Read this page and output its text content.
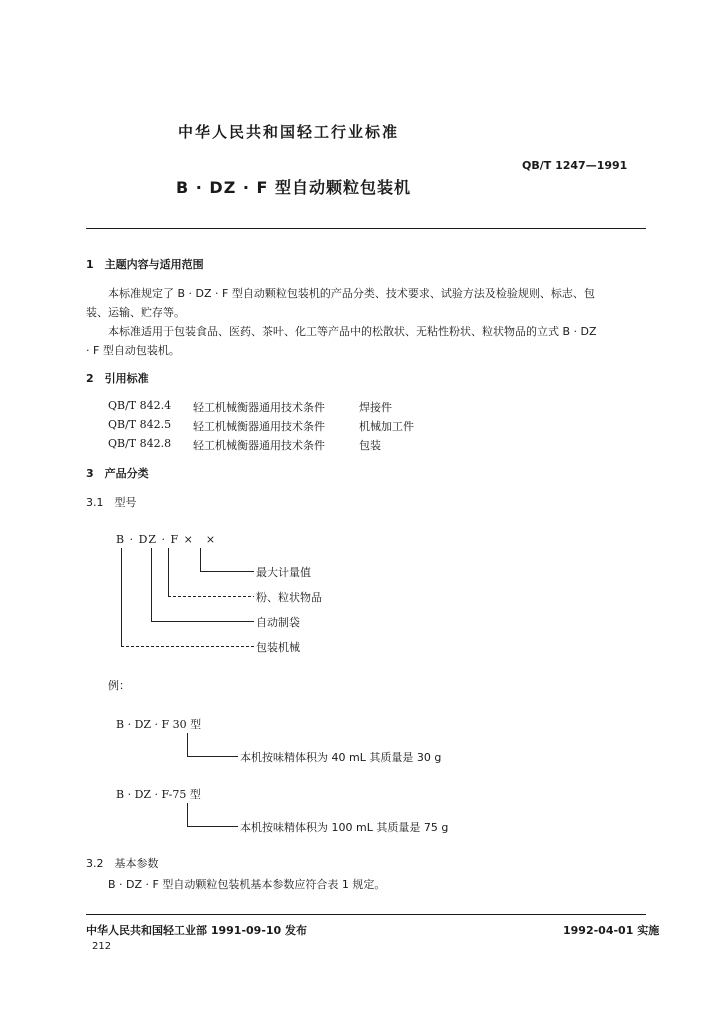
中华人民共和国轻工行业标准
QB/T 1247—1991
B · DZ · F 型自动颗粒包装机
1　主题内容与适用范围
本标准规定了 B · DZ · F 型自动颗粒包装机的产品分类、技术要求、试验方法及检验规则、标志、包
装、运输、贮存等。
本标准适用于包装食品、医药、茶叶、化工等产品中的松散状、无粘性粉状、粒状物品的立式 B · DZ
· F 型自动包装机。
2　引用标准
QB/T 842.4 轻工机械衡器通用技术条件	焊接件
QB/T 842.5 轻工机械衡器通用技术条件	机械加工件
QB/T 842.8 轻工机械衡器通用技术条件	包装
3　产品分类
3.1　型号
B · DZ · F ×　×
最大计量值
粉、粒状物品
自动制袋
包装机械
例：
B · DZ · F 30 型
本机按味精体积为 40 mL 其质量是 30 g
B · DZ · F-75 型
本机按味精体积为 100 mL 其质量是 75 g
3.2　基本参数
B · DZ · F 型自动颗粒包装机基本参数应符合表 1 规定。
中华人民共和国轻工业部 1991-09-10 发布	1992-04-01 实施
212
